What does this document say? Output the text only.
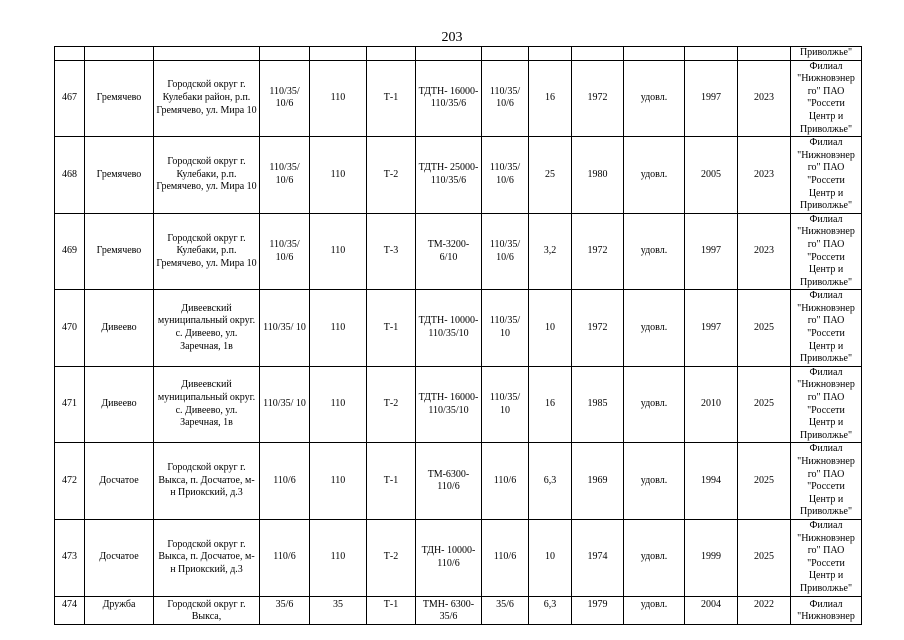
203
													Приволжье"
467	Гремячево	Городской округ г. Кулебаки район, р.п. Гремячево, ул. Мира 10	110/35/ 10/6	110	Т-1	ТДТН- 16000- 110/35/6	110/35/ 10/6	16	1972	удовл.	1997	2023	Филиал "Нижновэнер го" ПАО "Россети Центр и Приволжье"
468	Гремячево	Городской округ г. Кулебаки, р.п. Гремячево, ул. Мира 10	110/35/ 10/6	110	Т-2	ТДТН- 25000- 110/35/6	110/35/ 10/6	25	1980	удовл.	2005	2023	Филиал "Нижновэнер го" ПАО "Россети Центр и Приволжье"
469	Гремячево	Городской округ г. Кулебаки, р.п. Гремячево, ул. Мира 10	110/35/ 10/6	110	Т-3	ТМ-3200- 6/10	110/35/ 10/6	3,2	1972	удовл.	1997	2023	Филиал "Нижновэнер го" ПАО "Россети Центр и Приволжье"
470	Дивеево	Дивеевский муниципальный округ. с. Дивеево, ул. Заречная, 1в	110/35/ 10	110	Т-1	ТДТН- 10000- 110/35/10	110/35/ 10	10	1972	удовл.	1997	2025	Филиал "Нижновэнер го" ПАО "Россети Центр и Приволжье"
471	Дивеево	Дивеевский муниципальный округ. с. Дивеево, ул. Заречная, 1в	110/35/ 10	110	Т-2	ТДТН- 16000- 110/35/10	110/35/ 10	16	1985	удовл.	2010	2025	Филиал "Нижновэнер го" ПАО "Россети Центр и Приволжье"
472	Досчатое	Городской округ г. Выкса, п. Досчатое, м-н Приокский, д.3	110/6	110	Т-1	ТМ-6300- 110/6	110/6	6,3	1969	удовл.	1994	2025	Филиал "Нижновэнер го" ПАО "Россети Центр и Приволжье"
473	Досчатое	Городской округ г. Выкса, п. Досчатое, м-н Приокский, д.3	110/6	110	Т-2	ТДН- 10000- 110/6	110/6	10	1974	удовл.	1999	2025	Филиал "Нижновэнер го" ПАО "Россети Центр и Приволжье"
474	Дружба	Городской округ г. Выкса,	35/6	35	Т-1	ТМН- 6300-35/6	35/6	6,3	1979	удовл.	2004	2022	Филиал "Нижновэнер
